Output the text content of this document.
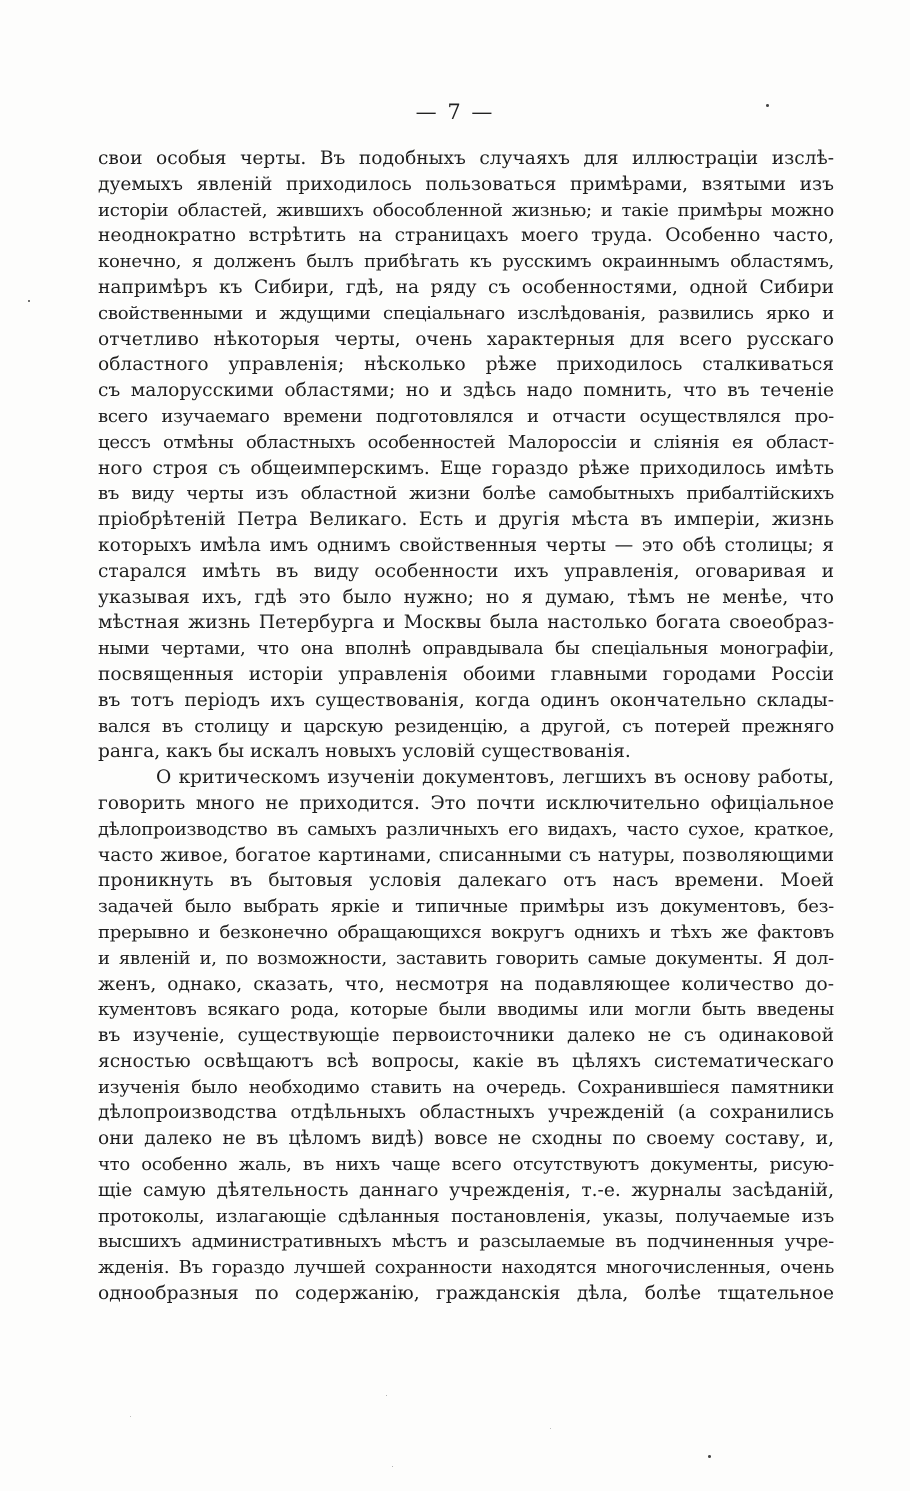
— 7 —
свои особыя черты. Въ подобныхъ случаяхъ для иллюстраціи изслѣ-
дуемыхъ явленій приходилось пользоваться примѣрами, взятыми изъ
исторіи областей, жившихъ обособленной жизнью; и такіе примѣры можно
неоднократно встрѣтить на страницахъ моего труда. Особенно часто,
конечно, я долженъ былъ прибѣгать къ русскимъ окраиннымъ областямъ,
напримѣръ къ Сибири, гдѣ, на ряду съ особенностями, одной Сибири
свойственными и ждущими спеціальнаго изслѣдованія, развились ярко и
отчетливо нѣкоторыя черты, очень характерныя для всего русскаго
областного управленія; нѣсколько рѣже приходилось сталкиваться
съ малорусскими областями; но и здѣсь надо помнить, что въ теченіе
всего изучаемаго времени подготовлялся и отчасти осуществлялся про-
цессъ отмѣны областныхъ особенностей Малороссіи и сліянія ея област-
ного строя съ общеимперскимъ. Еще гораздо рѣже приходилось имѣть
въ виду черты изъ областной жизни болѣе самобытныхъ прибалтійскихъ
пріобрѣтеній Петра Великаго. Есть и другія мѣста въ имперіи, жизнь
которыхъ имѣла имъ однимъ свойственныя черты — это обѣ столицы; я
старался имѣть въ виду особенности ихъ управленія, оговаривая и
указывая ихъ, гдѣ это было нужно; но я думаю, тѣмъ не менѣе, что
мѣстная жизнь Петербурга и Москвы была настолько богата своеобраз-
ными чертами, что она вполнѣ оправдывала бы спеціальныя монографіи,
посвященныя исторіи управленія обоими главными городами Россіи
въ тотъ періодъ ихъ существованія, когда одинъ окончательно склады-
вался въ столицу и царскую резиденцію, а другой, съ потерей прежняго
ранга, какъ бы искалъ новыхъ условій существованія.
О критическомъ изученіи документовъ, легшихъ въ основу работы,
говорить много не приходится. Это почти исключительно офиціальное
дѣлопроизводство въ самыхъ различныхъ его видахъ, часто сухое, краткое,
часто живое, богатое картинами, списанными съ натуры, позволяющими
проникнуть въ бытовыя условія далекаго отъ насъ времени. Моей
задачей было выбрать яркіе и типичные примѣры изъ документовъ, без-
прерывно и безконечно обращающихся вокругъ однихъ и тѣхъ же фактовъ
и явленій и, по возможности, заставить говорить самые документы. Я дол-
женъ, однако, сказать, что, несмотря на подавляющее количество до-
кументовъ всякаго рода, которые были вводимы или могли быть введены
въ изученіе, существующіе первоисточники далеко не съ одинаковой
ясностью освѣщаютъ всѣ вопросы, какіе въ цѣляхъ систематическаго
изученія было необходимо ставить на очередь. Сохранившіеся памятники
дѣлопроизводства отдѣльныхъ областныхъ учрежденій (а сохранились
они далеко не въ цѣломъ видѣ) вовсе не сходны по своему составу, и,
что особенно жаль, въ нихъ чаще всего отсутствуютъ документы, рисую-
щіе самую дѣятельность даннаго учрежденія, т.-е. журналы засѣданій,
протоколы, излагающіе сдѣланныя постановленія, указы, получаемые изъ
высшихъ административныхъ мѣстъ и разсылаемые въ подчиненныя учре-
жденія. Въ гораздо лучшей сохранности находятся многочисленныя, очень
однообразныя по содержанію, гражданскія дѣла, болѣе тщательное
